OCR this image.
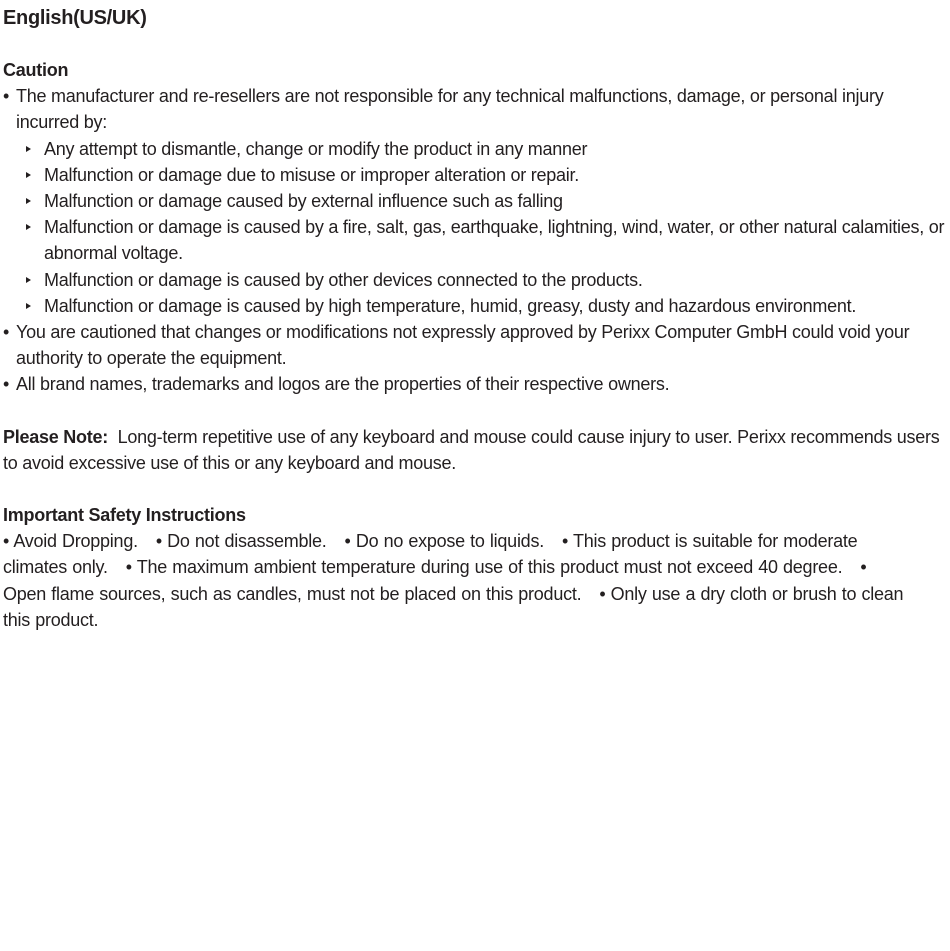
English(US/UK)
Caution
• The manufacturer and re-resellers are not responsible for any technical malfunctions, damage, or personal injury incurred by:
Any attempt to dismantle, change or modify the product in any manner
Malfunction or damage due to misuse or improper alteration or repair.
Malfunction or damage caused by external influence such as falling
Malfunction or damage is caused by a fire, salt, gas, earthquake, lightning, wind, water, or other natural calamities, or abnormal voltage.
Malfunction or damage is caused by other devices connected to the products.
Malfunction or damage is caused by high temperature, humid, greasy, dusty and hazardous environment.
• You are cautioned that changes or modifications not expressly approved by Perixx Computer GmbH could void your authority to operate the equipment.
• All brand names, trademarks and logos are the properties of their respective owners.

Please Note: Long-term repetitive use of any keyboard and mouse could cause injury to user. Perixx recommends users to avoid excessive use of this or any keyboard and mouse.

Important Safety Instructions

• Avoid Dropping. • Do not disassemble. • Do no expose to liquids. • This product is suitable for moderate climates only. • The maximum ambient temperature during use of this product must not exceed 40 degree. • Open flame sources, such as candles, must not be placed on this product. • Only use a dry cloth or brush to clean this product.
